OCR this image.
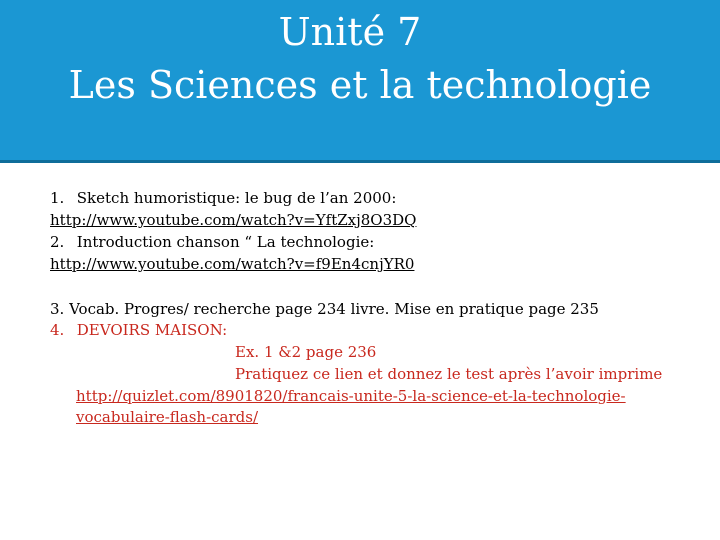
Unité 7
Les Sciences et la technologie
1. Sketch humoristique: le bug de l’an 2000:
http://www.youtube.com/watch?v=YftZxj8O3DQ
2. Introduction chanson “ La technologie:
http://www.youtube.com/watch?v=f9En4cnjYR0
3. Vocab. Progres/ recherche page 234 livre. Mise en pratique page 235
4. DEVOIRS MAISON:
Ex. 1 &2 page 236
Pratiquez ce lien et donnez le test après l’avoir imprime
http://quizlet.com/8901820/francais-unite-5-la-science-et-la-technologie-
vocabulaire-flash-cards/
